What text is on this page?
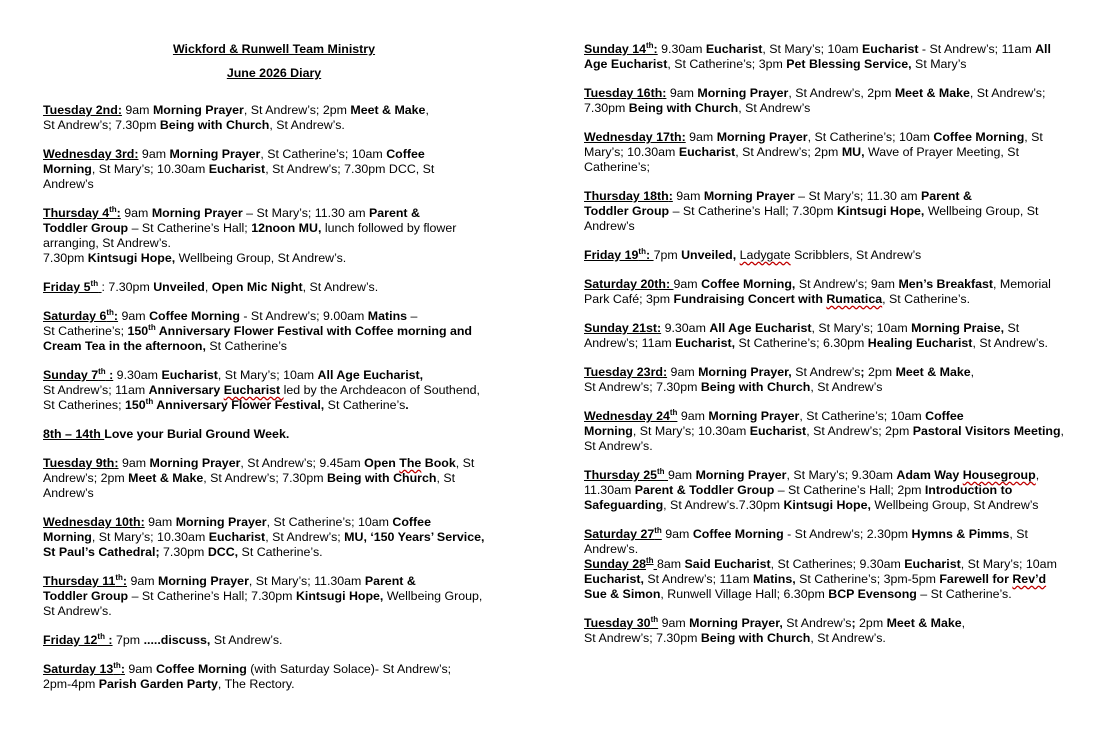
Wickford & Runwell Team Ministry

June 2026 Diary

Tuesday 2nd: 9am Morning Prayer, St Andrew’s; 2pm Meet & Make,
St Andrew’s; 7.30pm Being with Church, St Andrew’s.

Wednesday 3rd: 9am Morning Prayer, St Catherine’s; 10am Coffee
Morning, St Mary’s; 10.30am Eucharist, St Andrew’s; 7.30pm DCC, St
Andrew’s

Thursday 4th: 9am Morning Prayer – St Mary’s; 11.30 am Parent &
Toddler Group – St Catherine’s Hall; 12noon MU, lunch followed by flower
arranging, St Andrew’s.
7.30pm Kintsugi Hope, Wellbeing Group, St Andrew’s.

Friday 5th : 7.30pm Unveiled, Open Mic Night, St Andrew’s.

Saturday 6th: 9am Coffee Morning - St Andrew’s; 9.00am Matins –
St Catherine’s; 150th Anniversary Flower Festival with Coffee morning and
Cream Tea in the afternoon, St Catherine’s

Sunday 7th : 9.30am Eucharist, St Mary’s; 10am All Age Eucharist,
St Andrew’s; 11am Anniversary Eucharist led by the Archdeacon of Southend,
St Catherines; 150th Anniversary Flower Festival, St Catherine’s.

8th – 14th Love your Burial Ground Week.

Tuesday 9th: 9am Morning Prayer, St Andrew’s; 9.45am Open The Book, St
Andrew’s; 2pm Meet & Make, St Andrew’s; 7.30pm Being with Church, St
Andrew’s

Wednesday 10th: 9am Morning Prayer, St Catherine’s; 10am Coffee
Morning, St Mary’s; 10.30am Eucharist, St Andrew’s; MU, ‘150 Years’ Service,
St Paul’s Cathedral; 7.30pm DCC, St Catherine’s.

Thursday 11th: 9am Morning Prayer, St Mary’s; 11.30am Parent &
Toddler Group – St Catherine’s Hall; 7.30pm Kintsugi Hope, Wellbeing Group,
St Andrew’s.

Friday 12th : 7pm .....discuss, St Andrew’s.

Saturday 13th: 9am Coffee Morning (with Saturday Solace)- St Andrew’s;
2pm-4pm Parish Garden Party, The Rectory.

Sunday 14th: 9.30am Eucharist, St Mary’s; 10am Eucharist - St Andrew’s; 11am All
Age Eucharist, St Catherine’s; 3pm Pet Blessing Service, St Mary’s

Tuesday 16th: 9am Morning Prayer, St Andrew’s, 2pm Meet & Make, St Andrew’s;
7.30pm Being with Church, St Andrew’s

Wednesday 17th: 9am Morning Prayer, St Catherine’s; 10am Coffee Morning, St
Mary’s; 10.30am Eucharist, St Andrew’s; 2pm MU, Wave of Prayer Meeting, St
Catherine’s;

Thursday 18th: 9am Morning Prayer – St Mary’s; 11.30 am Parent &
Toddler Group – St Catherine’s Hall; 7.30pm Kintsugi Hope, Wellbeing Group, St
Andrew’s

Friday 19th: 7pm Unveiled, Ladygate Scribblers, St Andrew’s

Saturday 20th: 9am Coffee Morning, St Andrew’s; 9am Men’s Breakfast, Memorial
Park Café; 3pm Fundraising Concert with Rumatica, St Catherine’s.

Sunday 21st: 9.30am All Age Eucharist, St Mary’s; 10am Morning Praise, St
Andrew’s; 11am Eucharist, St Catherine’s; 6.30pm Healing Eucharist, St Andrew’s.

Tuesday 23rd: 9am Morning Prayer, St Andrew’s; 2pm Meet & Make,
St Andrew’s; 7.30pm Being with Church, St Andrew’s

Wednesday 24th 9am Morning Prayer, St Catherine’s; 10am Coffee
Morning, St Mary’s; 10.30am Eucharist, St Andrew’s; 2pm Pastoral Visitors Meeting,
St Andrew’s.

Thursday 25th 9am Morning Prayer, St Mary’s; 9.30am Adam Way Housegroup,
11.30am Parent & Toddler Group – St Catherine’s Hall; 2pm Introduction to
Safeguarding, St Andrew’s.7.30pm Kintsugi Hope, Wellbeing Group, St Andrew’s

Saturday 27th 9am Coffee Morning - St Andrew’s; 2.30pm Hymns & Pimms, St
Andrew’s.
Sunday 28th 8am Said Eucharist, St Catherines; 9.30am Eucharist, St Mary’s; 10am
Eucharist, St Andrew’s; 11am Matins, St Catherine’s; 3pm-5pm Farewell for Rev’d
Sue & Simon, Runwell Village Hall; 6.30pm BCP Evensong – St Catherine’s.

Tuesday 30th 9am Morning Prayer, St Andrew’s; 2pm Meet & Make,
St Andrew’s; 7.30pm Being with Church, St Andrew’s.
